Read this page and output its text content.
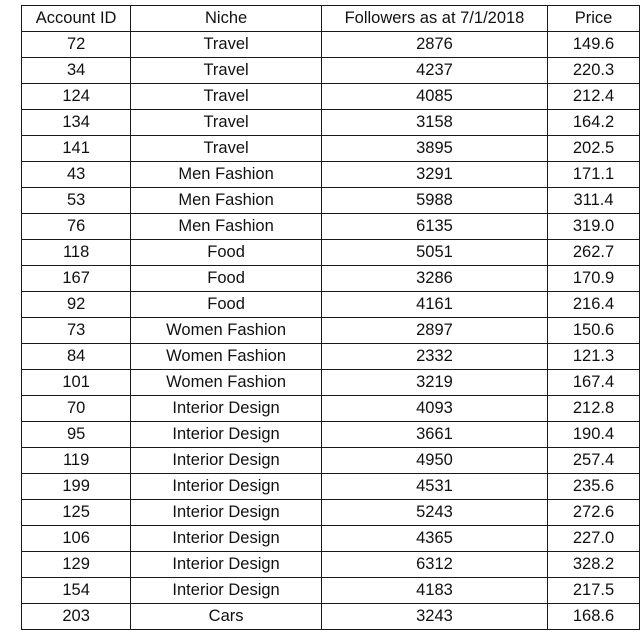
Account ID	Niche	Followers as at 7/1/2018	Price
72	Travel	2876	149.6
34	Travel	4237	220.3
124	Travel	4085	212.4
134	Travel	3158	164.2
141	Travel	3895	202.5
43	Men Fashion	3291	171.1
53	Men Fashion	5988	311.4
76	Men Fashion	6135	319.0
118	Food	5051	262.7
167	Food	3286	170.9
92	Food	4161	216.4
73	Women Fashion	2897	150.6
84	Women Fashion	2332	121.3
101	Women Fashion	3219	167.4
70	Interior Design	4093	212.8
95	Interior Design	3661	190.4
119	Interior Design	4950	257.4
199	Interior Design	4531	235.6
125	Interior Design	5243	272.6
106	Interior Design	4365	227.0
129	Interior Design	6312	328.2
154	Interior Design	4183	217.5
203	Cars	3243	168.6
